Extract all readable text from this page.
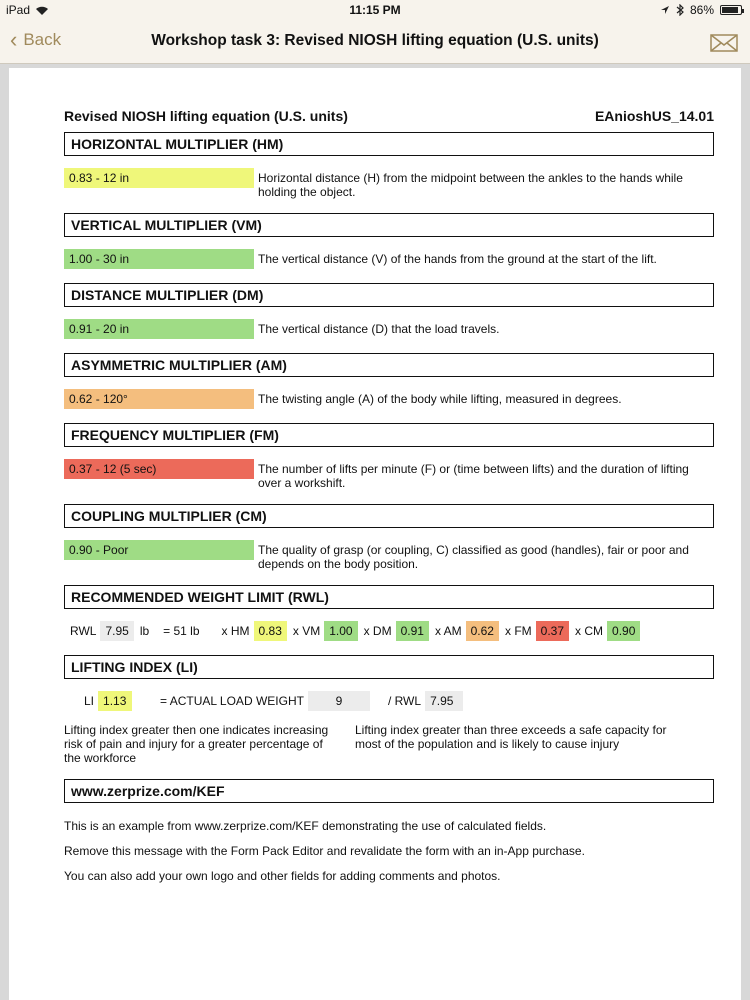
iPad	11:15 PM	86%
‹ Back	Workshop task 3: Revised NIOSH lifting equation (U.S. units)
Revised NIOSH lifting equation (U.S. units)	EAnioshUS_14.01
HORIZONTAL MULTIPLIER (HM)
0.83 - 12 in	Horizontal distance (H) from the midpoint between the ankles to the hands while holding the object.
VERTICAL MULTIPLIER (VM)
1.00 - 30 in	The vertical distance (V) of the hands from the ground at the start of the lift.
DISTANCE MULTIPLIER (DM)
0.91 - 20 in	The vertical distance (D) that the load travels.
ASYMMETRIC MULTIPLIER (AM)
0.62 - 120°	The twisting angle (A) of the body while lifting, measured in degrees.
FREQUENCY MULTIPLIER (FM)
0.37 - 12 (5 sec)	The number of lifts per minute (F) or (time between lifts) and the duration of lifting over a workshift.
COUPLING MULTIPLIER (CM)
0.90 - Poor	The quality of grasp (or coupling, C) classified as good (handles), fair or poor and depends on the body position.
RECOMMENDED WEIGHT LIMIT (RWL)
RWL 7.95 lb = 51 lb x HM 0.83 x VM 1.00 x DM 0.91 x AM 0.62 x FM 0.37 x CM 0.90
LIFTING INDEX (LI)
LI 1.13	= ACTUAL LOAD WEIGHT	9	/ RWL 7.95
Lifting index greater then one indicates increasing risk of pain and injury for a greater percentage of the workforce
Lifting index greater than three exceeds a safe capacity for most of the population and is likely to cause injury
www.zerprize.com/KEF

This is an example from www.zerprize.com/KEF demonstrating the use of calculated fields.

Remove this message with the Form Pack Editor and revalidate the form with an in-App purchase.

You can also add your own logo and other fields for adding comments and photos.
